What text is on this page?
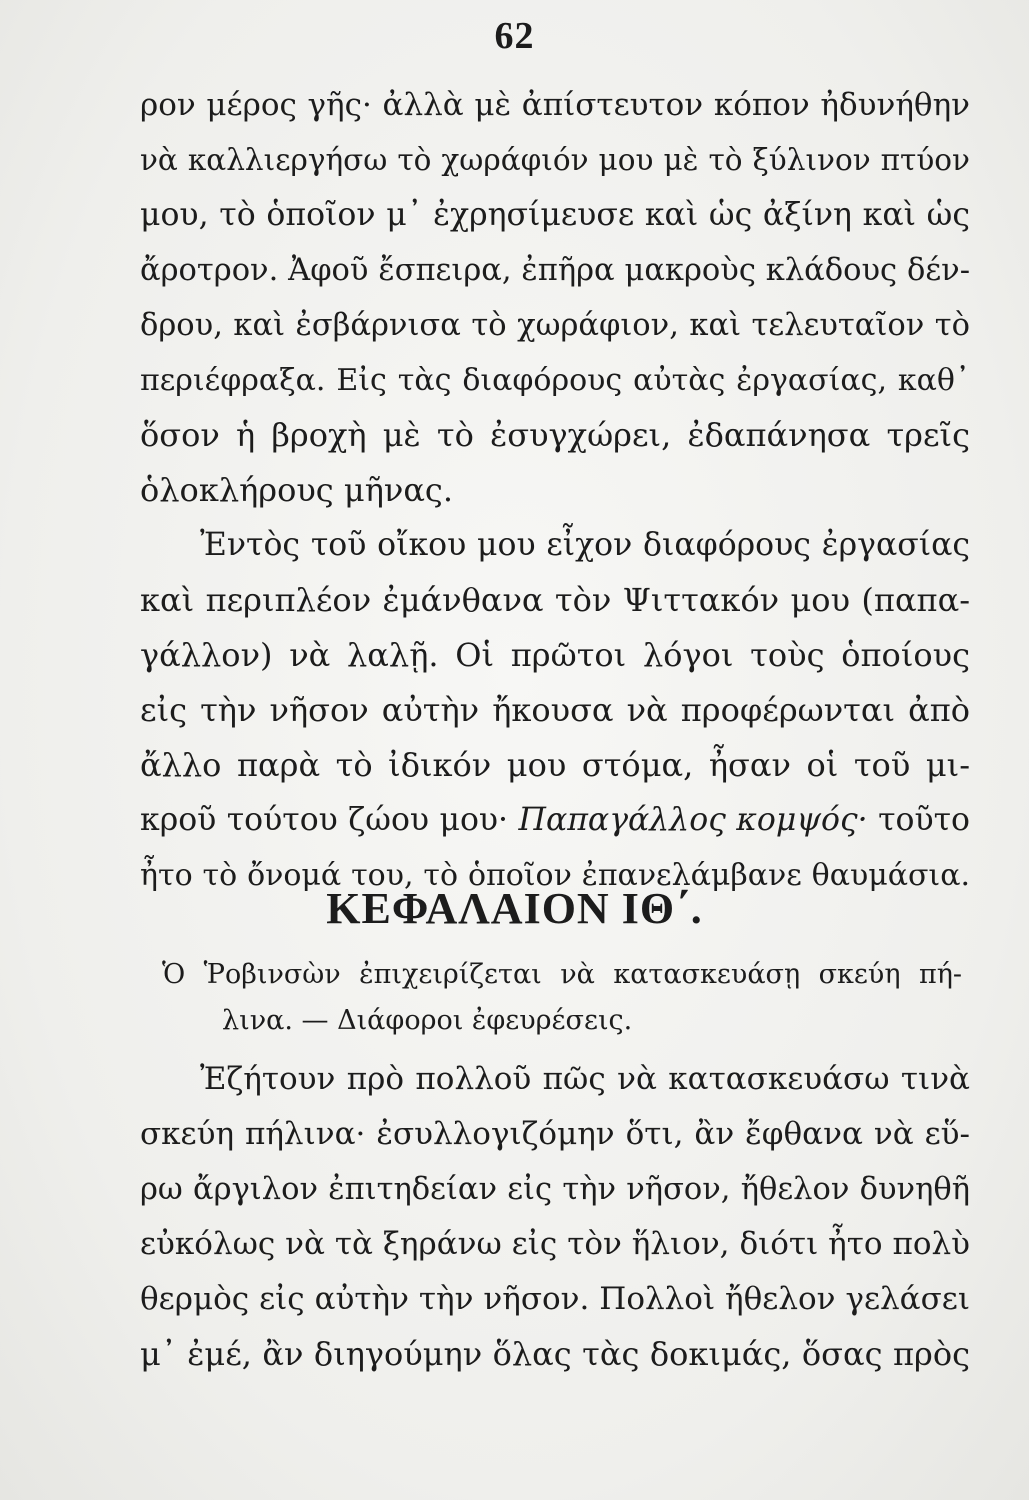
62
ρον μέρος γῆς· ἀλλὰ μὲ ἀπίστευτον κόπον ἠδυνήθην
νὰ καλλιεργήσω τὸ χωράφιόν μου μὲ τὸ ξύλινον πτύον
μου, τὸ ὁποῖον μ᾽ ἐχρησίμευσε καὶ ὡς ἀξίνη καὶ ὡς
ἄροτρον. Ἀφοῦ ἔσπειρα, ἐπῆρα μακροὺς κλάδους δέν-
δρου, καὶ ἐσβάρνισα τὸ χωράφιον, καὶ τελευταῖον τὸ
περιέφραξα. Εἰς τὰς διαφόρους αὐτὰς ἐργασίας, καθ᾽
ὅσον ἡ βροχὴ μὲ τὸ ἐσυγχώρει, ἐδαπάνησα τρεῖς
ὁλοκλήρους μῆνας.
Ἐντὸς τοῦ οἴκου μου εἶχον διαφόρους ἐργασίας
καὶ περιπλέον ἐμάνθανα τὸν Ψιττακόν μου (παπα-
γάλλον) νὰ λαλῇ. Οἱ πρῶτοι λόγοι τοὺς ὁποίους
εἰς τὴν νῆσον αὐτὴν ἤκουσα νὰ προφέρωνται ἀπὸ
ἄλλο παρὰ τὸ ἰδικόν μου στόμα, ἦσαν οἱ τοῦ μι-
κροῦ τούτου ζώου μου· Παπαγάλλος κομψός· τοῦτο
ἦτο τὸ ὄνομά του, τὸ ὁποῖον ἐπανελάμβανε θαυμάσια.
ΚΕΦΑΛΑΙΟΝ ΙΘ΄.
Ὁ Ῥοβινσὼν ἐπιχειρίζεται νὰ κατασκευάσῃ σκεύη πή-
λινα. — Διάφοροι ἐφευρέσεις.
Ἐζήτουν πρὸ πολλοῦ πῶς νὰ κατασκευάσω τινὰ
σκεύη πήλινα· ἐσυλλογιζόμην ὅτι, ἂν ἔφθανα νὰ εὕ-
ρω ἄργιλον ἐπιτηδείαν εἰς τὴν νῆσον, ἤθελον δυνηθῆ
εὐκόλως νὰ τὰ ξηράνω εἰς τὸν ἥλιον, διότι ἦτο πολὺ
θερμὸς εἰς αὐτὴν τὴν νῆσον. Πολλοὶ ἤθελον γελάσει
μ᾽ ἐμέ, ἂν διηγούμην ὅλας τὰς δοκιμάς, ὅσας πρὸς
